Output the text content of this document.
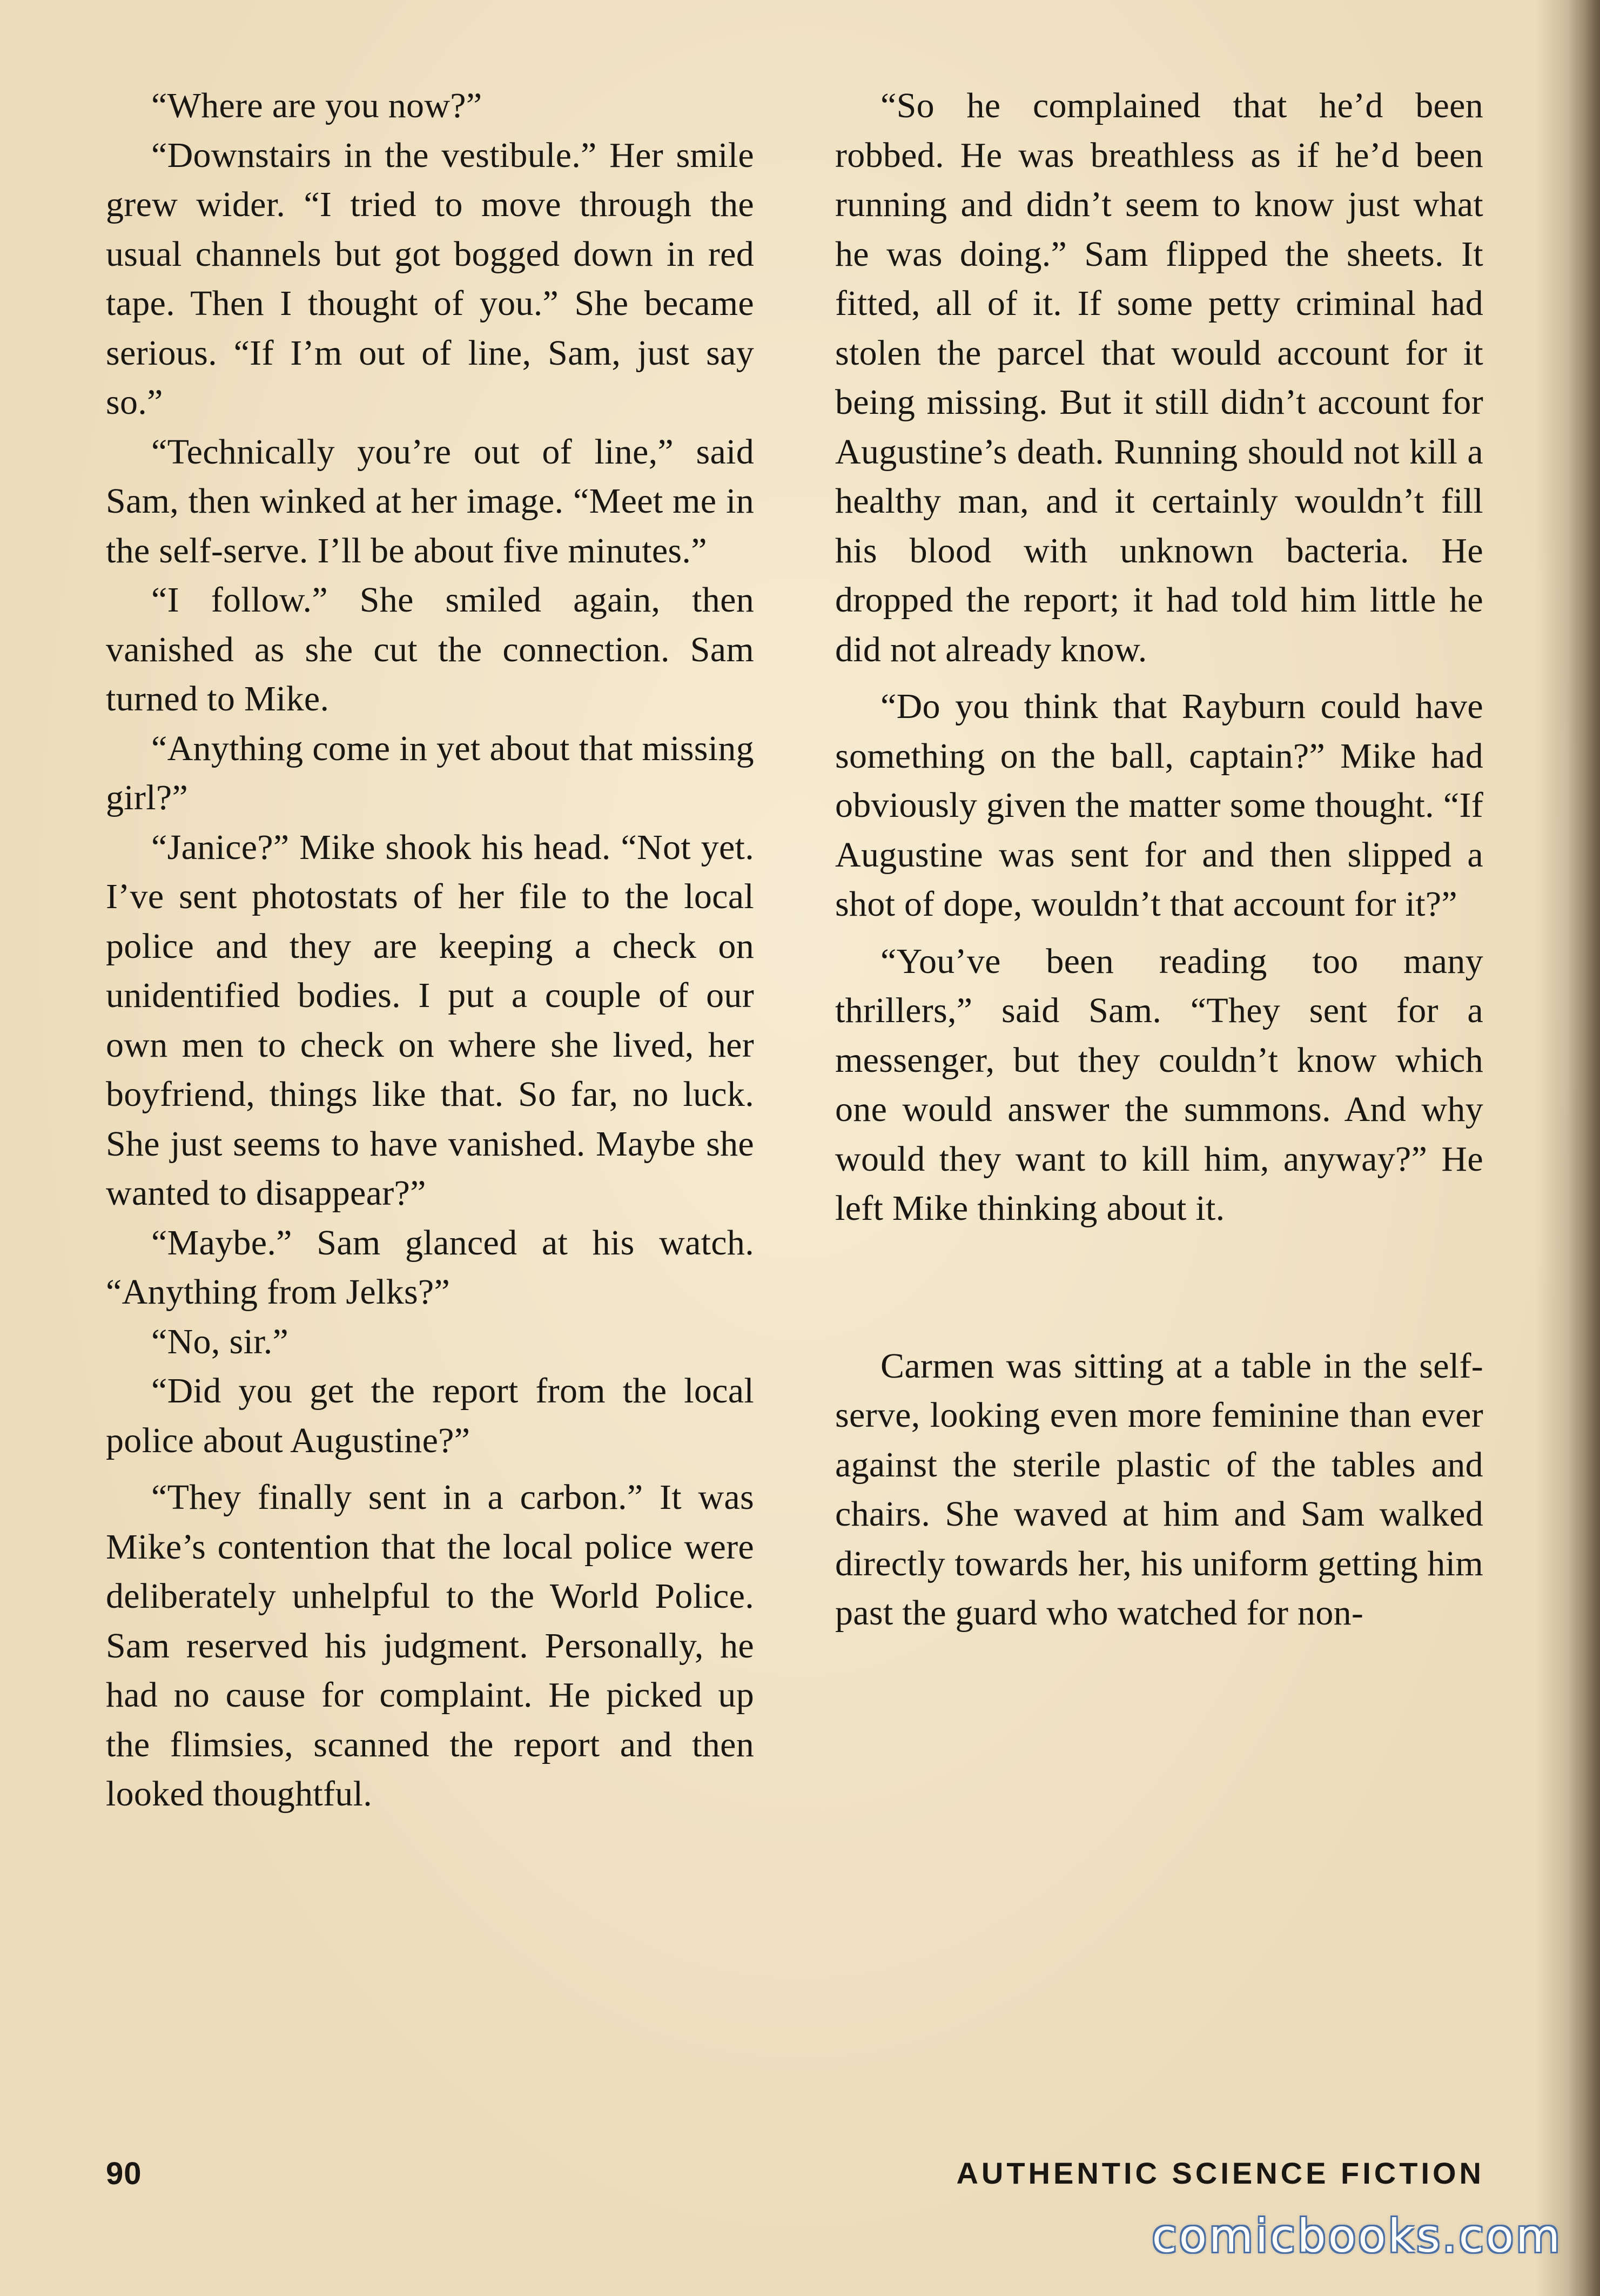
“Where are you now?”

“Downstairs in the vestibule.” Her smile grew wider. “I tried to move through the usual channels but got bogged down in red tape. Then I thought of you.” She became serious. “If I’m out of line, Sam, just say so.”

“Technically you’re out of line,” said Sam, then winked at her image. “Meet me in the self-serve. I’ll be about five minutes.”

“I follow.” She smiled again, then vanished as she cut the connection. Sam turned to Mike.

“Anything come in yet about that missing girl?”

“Janice?” Mike shook his head. “Not yet. I’ve sent photostats of her file to the local police and they are keeping a check on unidentified bodies. I put a couple of our own men to check on where she lived, her boyfriend, things like that. So far, no luck. She just seems to have vanished. Maybe she wanted to disappear?”

“Maybe.” Sam glanced at his watch. “Anything from Jelks?”

“No, sir.”

“Did you get the report from the local police about Augustine?”

“They finally sent in a carbon.” It was Mike’s contention that the local police were deliberately unhelpful to the World Police. Sam reserved his judgment. Personally, he had no cause for complaint. He picked up the flimsies, scanned the report and then looked thoughtful.

“So he complained that he’d been robbed. He was breathless as if he’d been running and didn’t seem to know just what he was doing.” Sam flipped the sheets. It fitted, all of it. If some petty criminal had stolen the parcel that would account for it being missing. But it still didn’t account for Augustine’s death. Running should not kill a healthy man, and it certainly wouldn’t fill his blood with unknown bacteria. He dropped the report; it had told him little he did not already know.

“Do you think that Rayburn could have something on the ball, captain?” Mike had obviously given the matter some thought. “If Augustine was sent for and then slipped a shot of dope, wouldn’t that account for it?”

“You’ve been reading too many thrillers,” said Sam. “They sent for a messenger, but they couldn’t know which one would answer the summons. And why would they want to kill him, anyway?” He left Mike thinking about it.

Carmen was sitting at a table in the self-serve, looking even more feminine than ever against the sterile plastic of the tables and chairs. She waved at him and Sam walked directly towards her, his uniform getting him past the guard who watched for non-

90	AUTHENTIC SCIENCE FICTION
comicbooks.com
